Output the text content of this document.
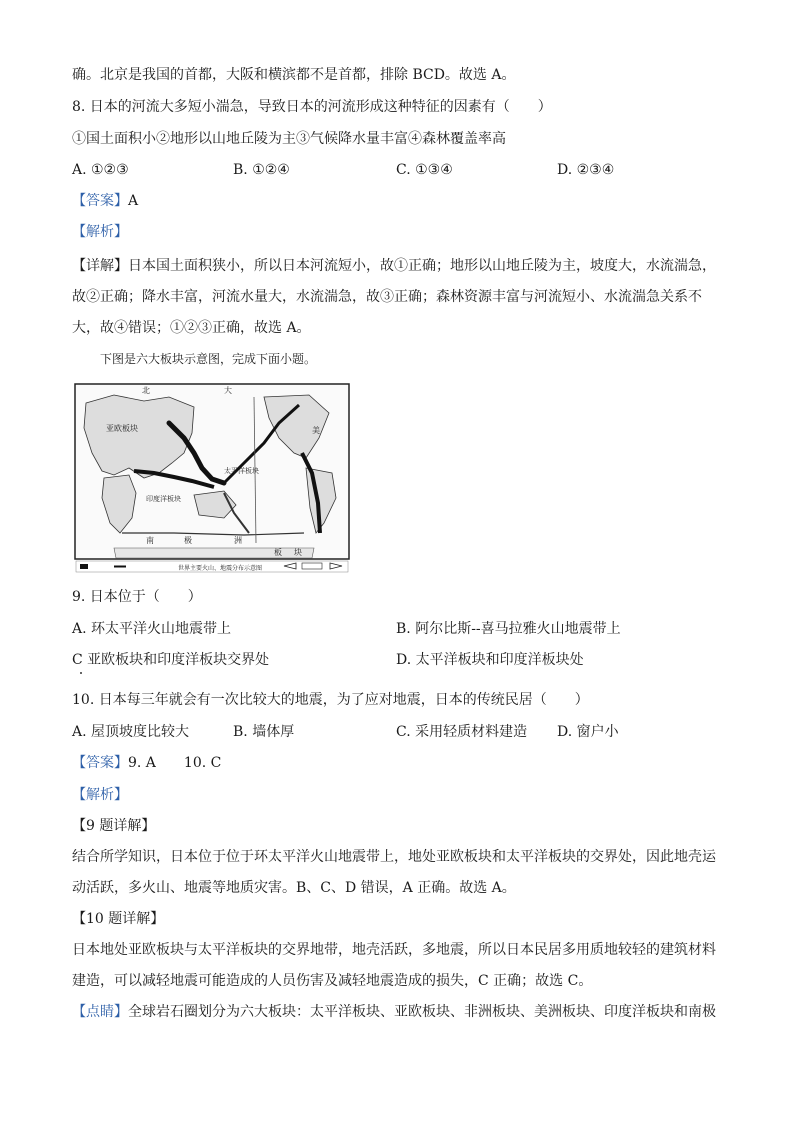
确。北京是我国的首都，大阪和横滨都不是首都，排除 BCD。故选 A。
8. 日本的河流大多短小湍急，导致日本的河流形成这种特征的因素有（　　）
①国土面积小②地形以山地丘陵为主③气候降水量丰富④森林覆盖率高
A. ①②③	B. ①②④	C. ①③④	D. ②③④
【答案】A
【解析】
【详解】日本国土面积狭小，所以日本河流短小，故①正确；地形以山地丘陵为主，坡度大，水流湍急，
故②正确；降水丰富，河流水量大，水流湍急，故③正确；森林资源丰富与河流短小、水流湍急关系不
大，故④错误；①②③正确，故选 A。
下图是六大板块示意图，完成下面小题。
北	大
美
亚欧板块
太平洋板块
印度洋板块
南	极	洲
板 块
世界主要火山、地震分布示意图
9. 日本位于（　　）
A. 环太平洋火山地震带上	B. 阿尔比斯--喜马拉雅火山地震带上
C 亚欧板块和印度洋板块交界处	D. 太平洋板块和印度洋板块处
10. 日本每三年就会有一次比较大的地震，为了应对地震，日本的传统民居（　　）
A. 屋顶坡度比较大	B. 墙体厚	C. 采用轻质材料建造 D. 窗户小
【答案】9. A　　10. C
【解析】
【9 题详解】
结合所学知识，日本位于位于环太平洋火山地震带上，地处亚欧板块和太平洋板块的交界处，因此地壳运
动活跃，多火山、地震等地质灾害。B、C、D 错误，A 正确。故选 A。
【10 题详解】
日本地处亚欧板块与太平洋板块的交界地带，地壳活跃，多地震，所以日本民居多用质地较轻的建筑材料
建造，可以减轻地震可能造成的人员伤害及减轻地震造成的损失，C 正确；故选 C。
【点睛】全球岩石圈划分为六大板块：太平洋板块、亚欧板块、非洲板块、美洲板块、印度洋板块和南极
